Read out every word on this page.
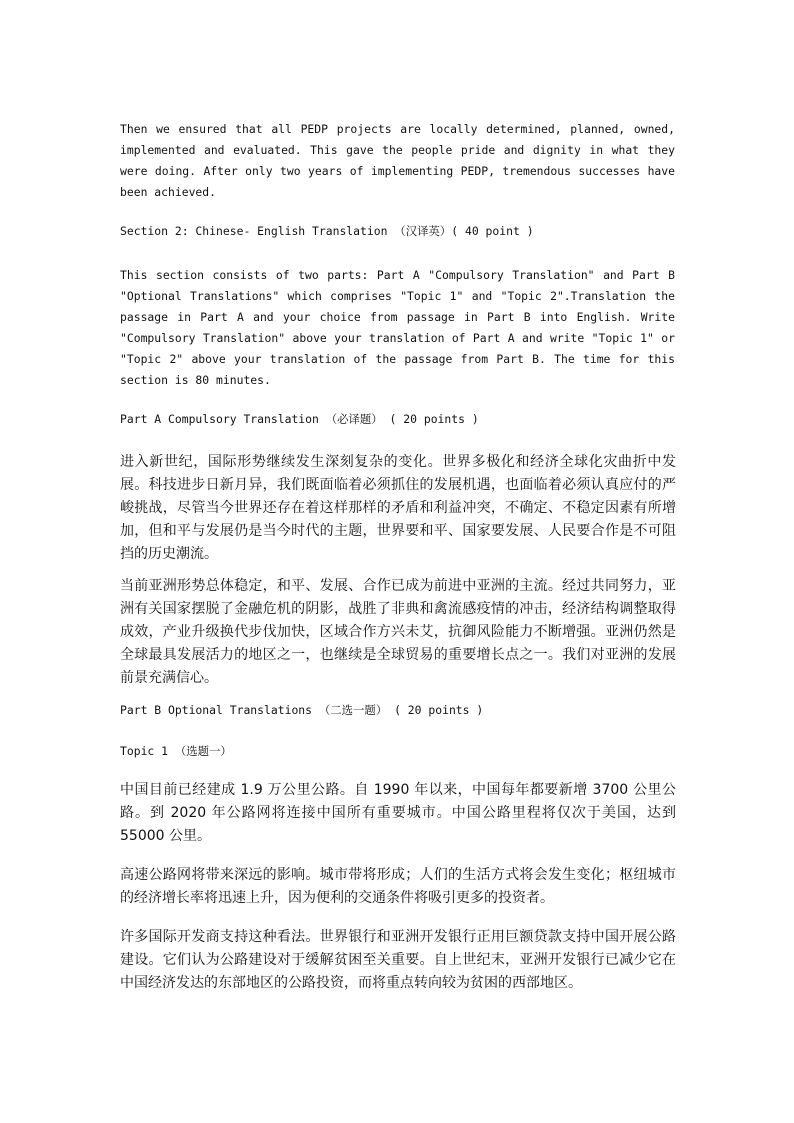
Then we ensured that all PEDP projects are locally determined, planned, owned, implemented and evaluated. This gave the people pride and dignity in what they were doing. After only two years of implementing PEDP, tremendous successes have been achieved.

Section 2: Chinese- English Translation （汉译英）( 40 point )

This section consists of two parts: Part A "Compulsory Translation" and Part B "Optional Translations" which comprises "Topic 1" and "Topic 2".Translation the passage in Part A and your choice from passage in Part B into English. Write "Compulsory Translation" above your translation of Part A and write "Topic 1" or "Topic 2" above your translation of the passage from Part B. The time for this section is 80 minutes.

Part A Compulsory Translation （必译题） ( 20 points )

进入新世纪，国际形势继续发生深刻复杂的变化。世界多极化和经济全球化灾曲折中发展。科技进步日新月异，我们既面临着必须抓住的发展机遇，也面临着必须认真应付的严峻挑战，尽管当今世界还存在着这样那样的矛盾和利益冲突，不确定、不稳定因素有所增加，但和平与发展仍是当今时代的主题，世界要和平、国家要发展、人民要合作是不可阻挡的历史潮流。

当前亚洲形势总体稳定，和平、发展、合作已成为前进中亚洲的主流。经过共同努力，亚洲有关国家摆脱了金融危机的阴影，战胜了非典和禽流感疫情的冲击，经济结构调整取得成效，产业升级换代步伐加快，区域合作方兴未艾，抗御风险能力不断增强。亚洲仍然是全球最具发展活力的地区之一，也继续是全球贸易的重要增长点之一。我们对亚洲的发展前景充满信心。

Part B Optional Translations （二选一题） ( 20 points )

Topic 1 （选题一）

中国目前已经建成 1.9 万公里公路。自 1990 年以来，中国每年都要新增 3700 公里公路。到 2020 年公路网将连接中国所有重要城市。中国公路里程将仅次于美国，达到 55000 公里。

高速公路网将带来深远的影响。城市带将形成；人们的生活方式将会发生变化；枢纽城市的经济增长率将迅速上升，因为便利的交通条件将吸引更多的投资者。

许多国际开发商支持这种看法。世界银行和亚洲开发银行正用巨额贷款支持中国开展公路建设。它们认为公路建设对于缓解贫困至关重要。自上世纪末，亚洲开发银行已减少它在中国经济发达的东部地区的公路投资，而将重点转向较为贫困的西部地区。
